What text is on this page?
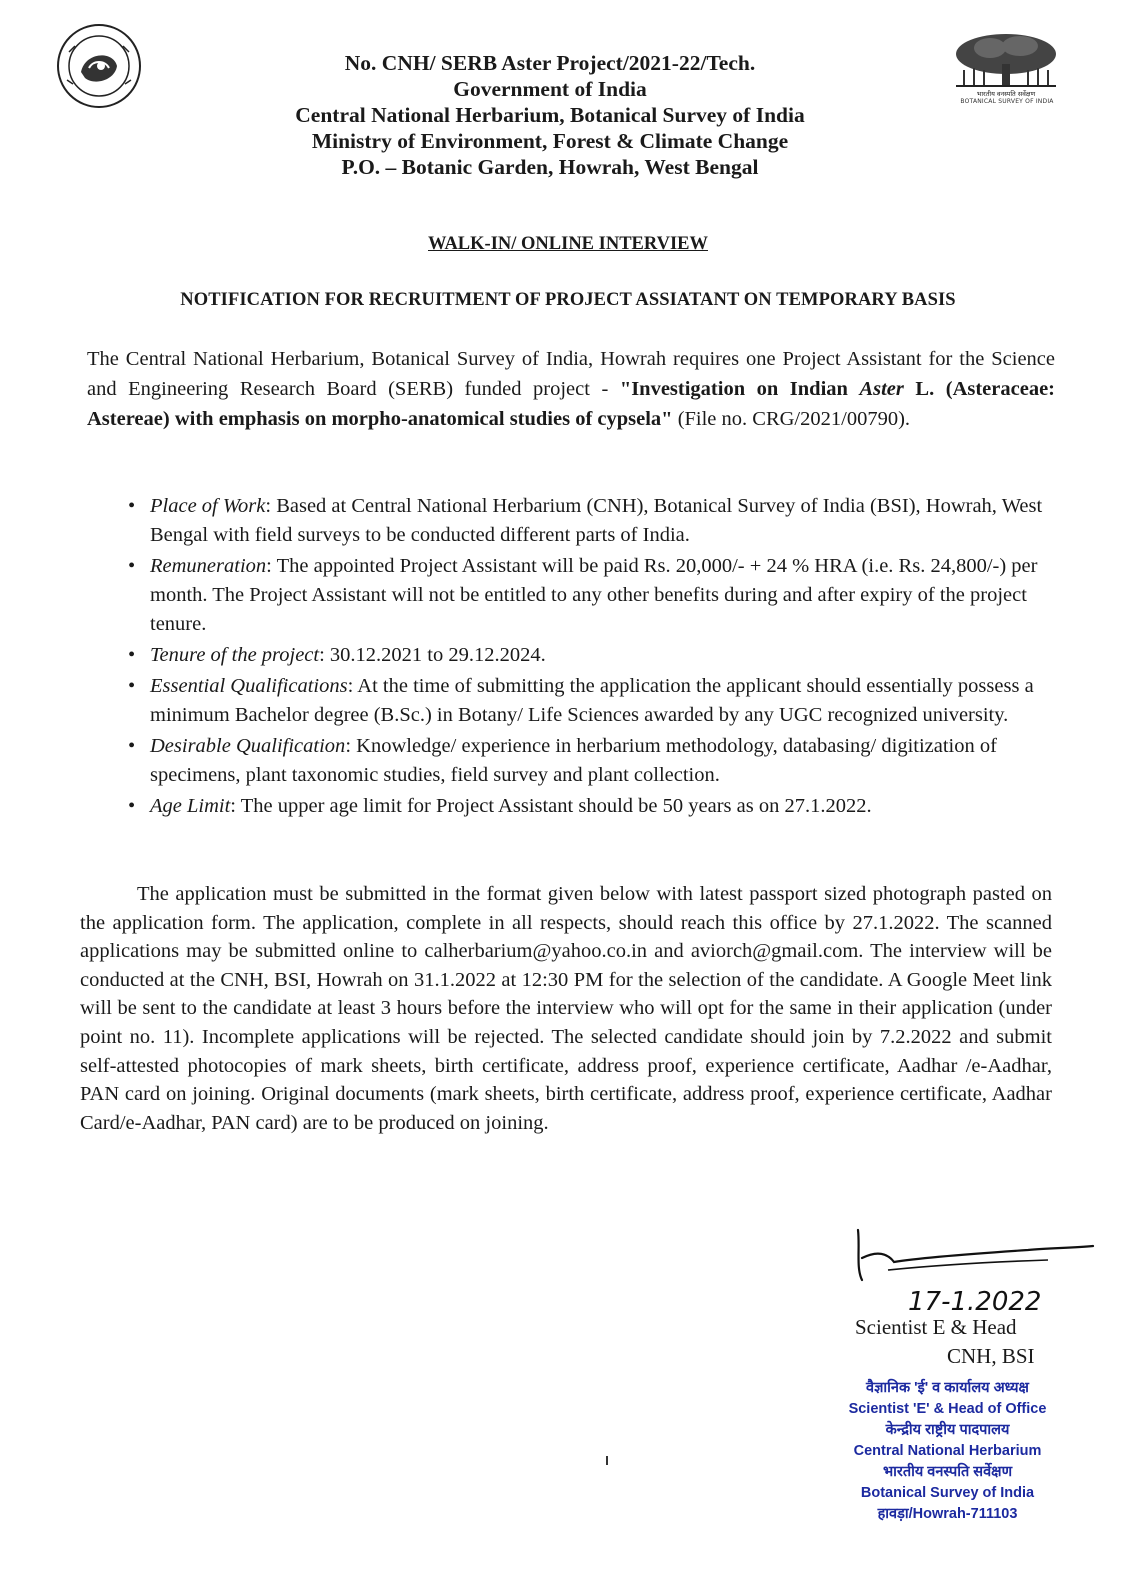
भारतीय वनस्पति सर्वेक्षण
BOTANICAL SURVEY OF INDIA
No. CNH/ SERB Aster Project/2021-22/Tech.
Government of India
Central National Herbarium, Botanical Survey of India
Ministry of Environment, Forest & Climate Change
P.O. – Botanic Garden, Howrah, West Bengal
WALK-IN/ ONLINE INTERVIEW
NOTIFICATION FOR RECRUITMENT OF PROJECT ASSIATANT ON TEMPORARY BASIS
The Central National Herbarium, Botanical Survey of India, Howrah requires one Project Assistant for the Science and Engineering Research Board (SERB) funded project - "Investigation on Indian Aster L. (Asteraceae: Astereae) with emphasis on morpho-anatomical studies of cypsela" (File no. CRG/2021/00790).
• Place of Work: Based at Central National Herbarium (CNH), Botanical Survey of India (BSI), Howrah, West Bengal with field surveys to be conducted different parts of India.
• Remuneration: The appointed Project Assistant will be paid Rs. 20,000/- + 24 % HRA (i.e. Rs. 24,800/-) per month. The Project Assistant will not be entitled to any other benefits during and after expiry of the project tenure.
• Tenure of the project: 30.12.2021 to 29.12.2024.
• Essential Qualifications: At the time of submitting the application the applicant should essentially possess a minimum Bachelor degree (B.Sc.) in Botany/ Life Sciences awarded by any UGC recognized university.
• Desirable Qualification: Knowledge/ experience in herbarium methodology, databasing/ digitization of specimens, plant taxonomic studies, field survey and plant collection.
• Age Limit: The upper age limit for Project Assistant should be 50 years as on 27.1.2022.
The application must be submitted in the format given below with latest passport sized photograph pasted on the application form. The application, complete in all respects, should reach this office by 27.1.2022. The scanned applications may be submitted online to calherbarium@yahoo.co.in and aviorch@gmail.com. The interview will be conducted at the CNH, BSI, Howrah on 31.1.2022 at 12:30 PM for the selection of the candidate. A Google Meet link will be sent to the candidate at least 3 hours before the interview who will opt for the same in their application (under point no. 11). Incomplete applications will be rejected. The selected candidate should join by 7.2.2022 and submit self-attested photocopies of mark sheets, birth certificate, address proof, experience certificate, Aadhar /e-Aadhar, PAN card on joining. Original documents (mark sheets, birth certificate, address proof, experience certificate, Aadhar Card/e-Aadhar, PAN card) are to be produced on joining.
17-1.2022
Scientist E & Head
CNH, BSI
वैज्ञानिक 'ई' व कार्यालय अध्यक्ष
Scientist 'E' & Head of Office
केन्द्रीय राष्ट्रीय पादपालय
Central National Herbarium
भारतीय वनस्पति सर्वेक्षण
Botanical Survey of India
हावड़ा/Howrah-711103
